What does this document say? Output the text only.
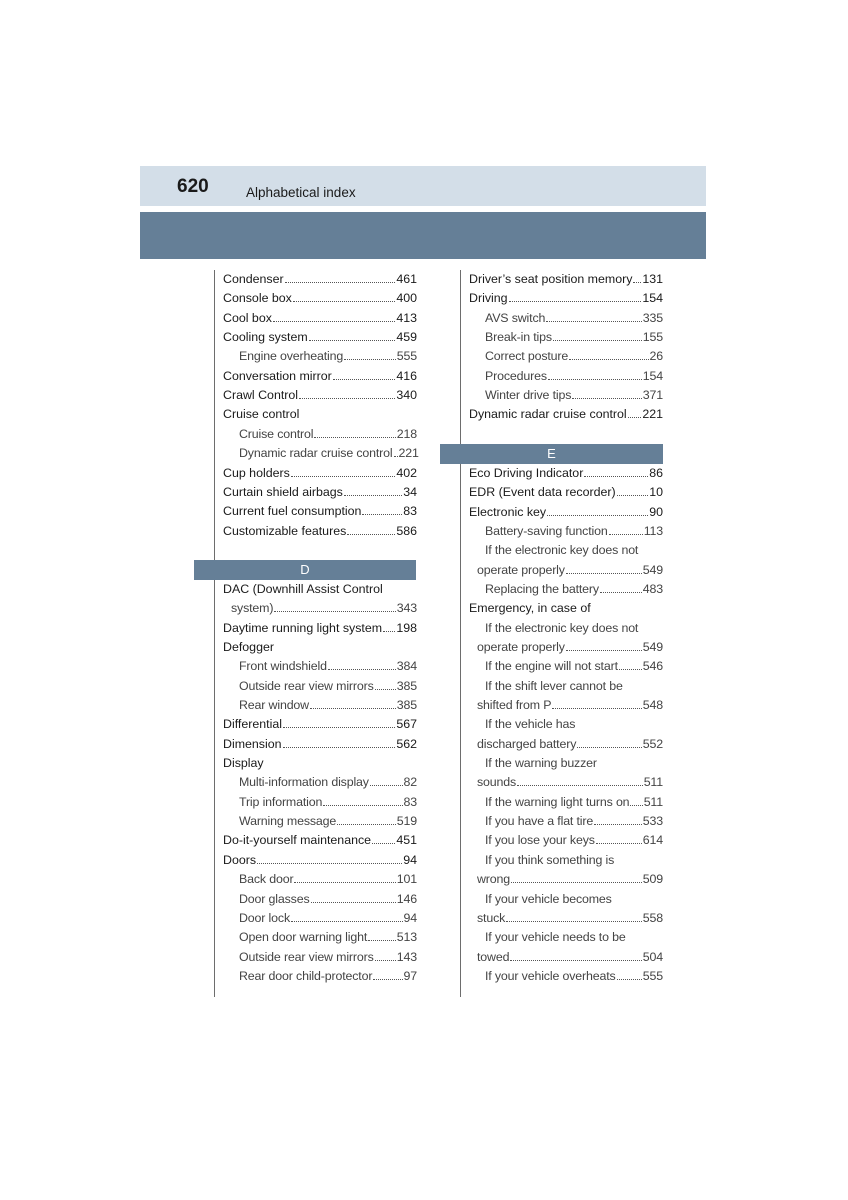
620	Alphabetical index
Condenser	461
Console box	400
Cool box	413
Cooling system	459
Engine overheating	555
Conversation mirror	416
Crawl Control	340
Cruise control
Cruise control	218
Dynamic radar cruise control 221
Cup holders	402
Curtain shield airbags	34
Current fuel consumption	83
Customizable features	586
D
DAC (Downhill Assist Control
system)	343
Daytime running light system 198
Defogger
Front windshield	384
Outside rear view mirrors 385
Rear window	385
Differential	567
Dimension	562
Display
Multi-information display	82
Trip information	83
Warning message	519
Do-it-yourself maintenance 451
Doors	94
Back door	101
Door glasses	146
Door lock	94
Open door warning light 513
Outside rear view mirrors 143
Rear door child-protector	97
Driver’s seat position memory 131
Driving	154
AVS switch	335
Break-in tips	155
Correct posture	26
Procedures	154
Winter drive tips	371
Dynamic radar cruise control 221
E
Eco Driving Indicator	86
EDR (Event data recorder)	10
Electronic key	90
Battery-saving function	113
If the electronic key does not
operate properly	549
Replacing the battery	483
Emergency, in case of
If the electronic key does not
operate properly	549
If the engine will not start 546
If the shift lever cannot be
shifted from P	548
If the vehicle has
discharged battery	552
If the warning buzzer
sounds	511
If the warning light turns on 511
If you have a flat tire	533
If you lose your keys	614
If you think something is
wrong	509
If your vehicle becomes
stuck	558
If your vehicle needs to be
towed	504
If your vehicle overheats 555
